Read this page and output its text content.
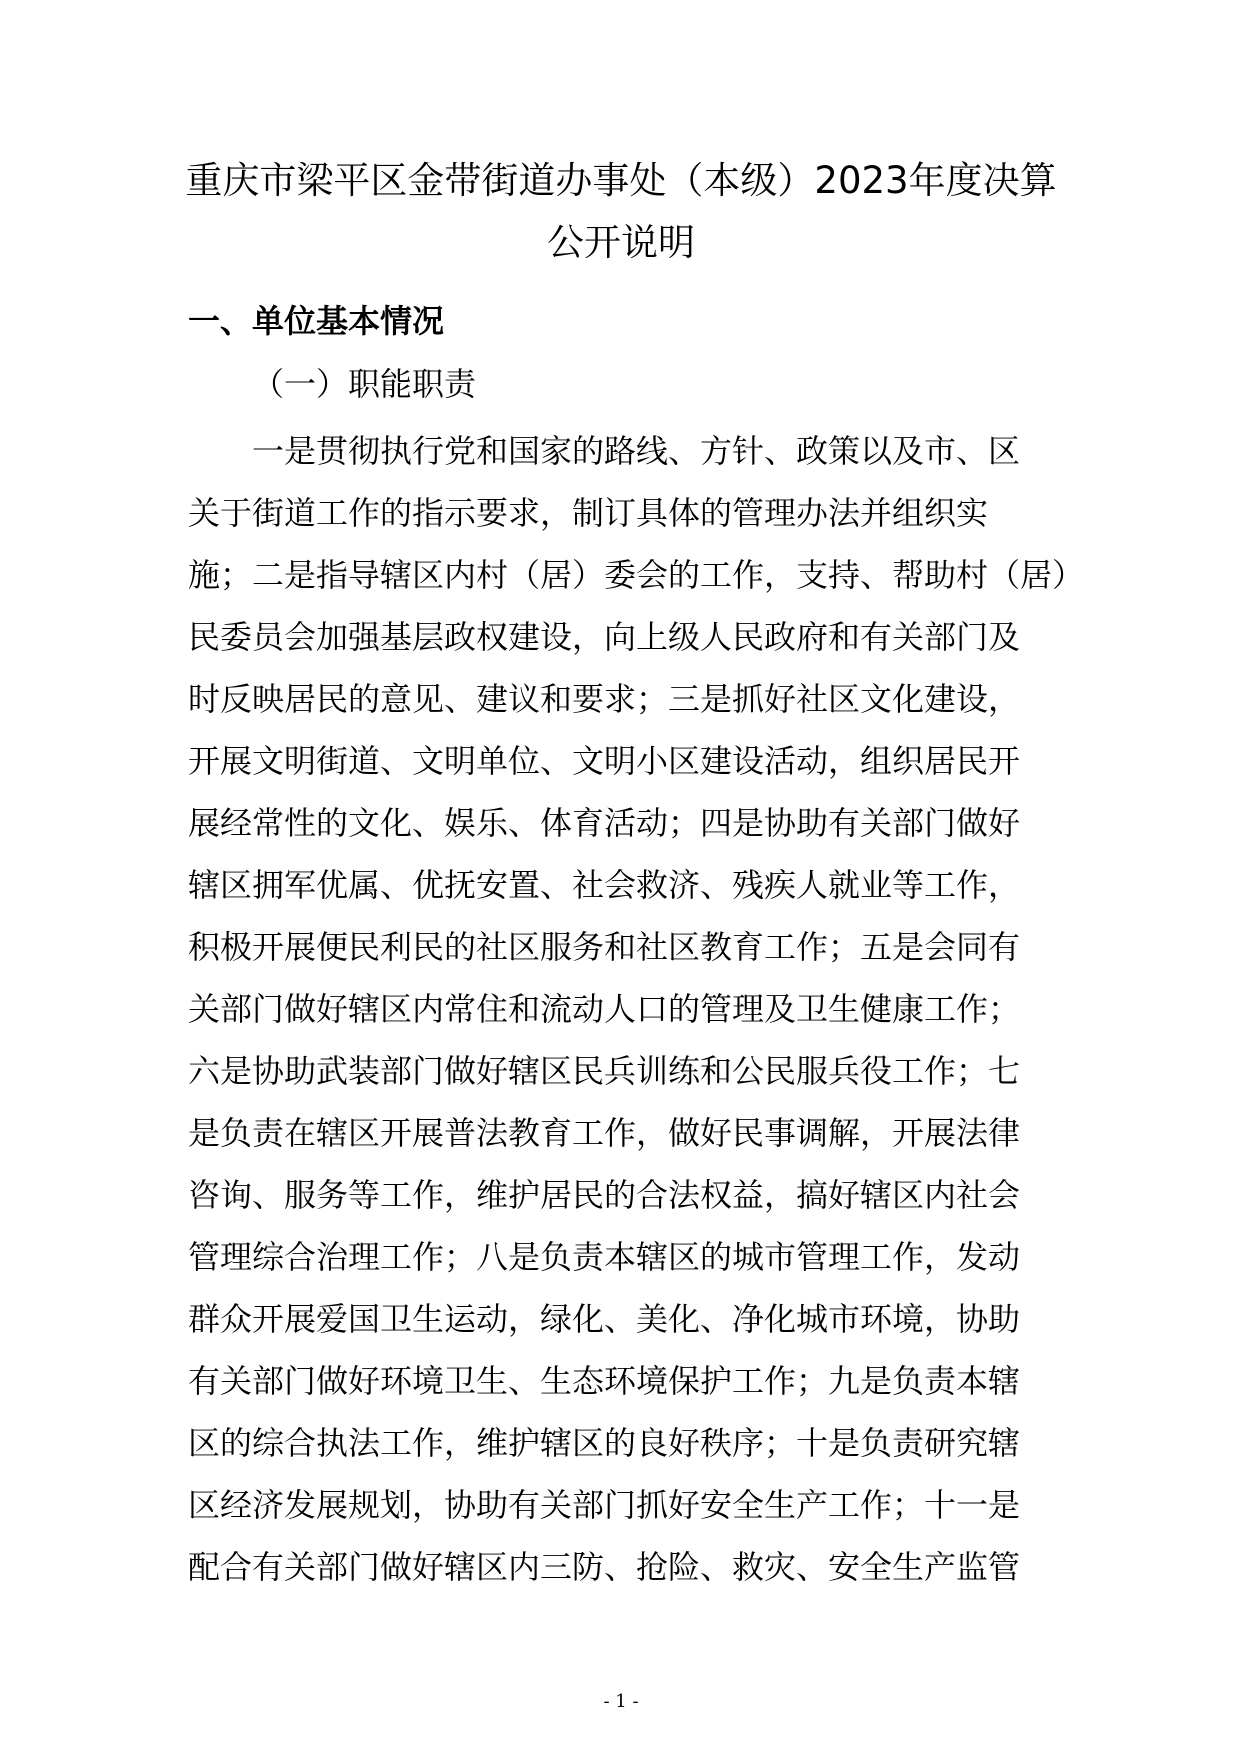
重庆市梁平区金带街道办事处（本级）2023年度决算
公开说明
一、单位基本情况
（一）职能职责
一是贯彻执行党和国家的路线、方针、政策以及市、区
关于街道工作的指示要求，制订具体的管理办法并组织实
施；二是指导辖区内村（居）委会的工作，支持、帮助村（居）
民委员会加强基层政权建设，向上级人民政府和有关部门及
时反映居民的意见、建议和要求；三是抓好社区文化建设，
开展文明街道、文明单位、文明小区建设活动，组织居民开
展经常性的文化、娱乐、体育活动；四是协助有关部门做好
辖区拥军优属、优抚安置、社会救济、残疾人就业等工作，
积极开展便民利民的社区服务和社区教育工作；五是会同有
关部门做好辖区内常住和流动人口的管理及卫生健康工作；
六是协助武装部门做好辖区民兵训练和公民服兵役工作；七
是负责在辖区开展普法教育工作，做好民事调解，开展法律
咨询、服务等工作，维护居民的合法权益，搞好辖区内社会
管理综合治理工作；八是负责本辖区的城市管理工作，发动
群众开展爱国卫生运动，绿化、美化、净化城市环境，协助
有关部门做好环境卫生、生态环境保护工作；九是负责本辖
区的综合执法工作，维护辖区的良好秩序；十是负责研究辖
区经济发展规划，协助有关部门抓好安全生产工作；十一是
配合有关部门做好辖区内三防、抢险、救灾、安全生产监管
- 1 -
